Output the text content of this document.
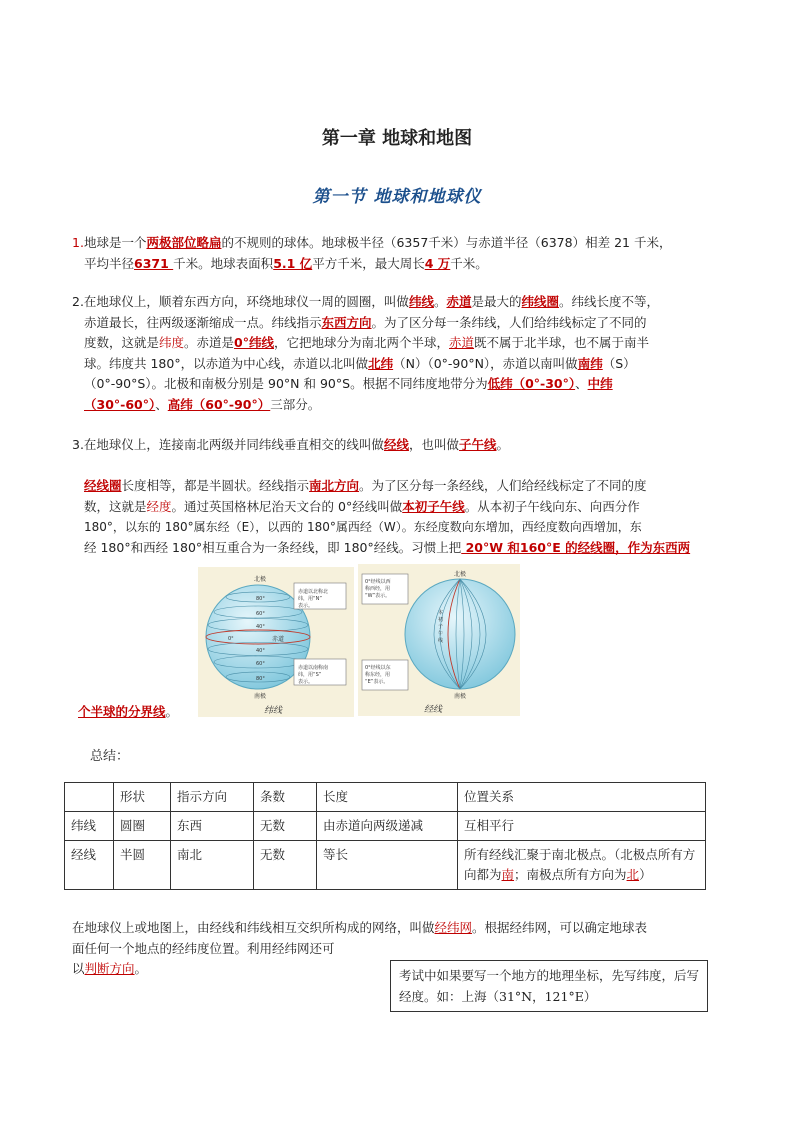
第一章 地球和地图
第一节 地球和地球仪

1.地球是一个两极部位略扁的不规则的球体。地球极半径（6357千米）与赤道半径（6378）相差 21 千米，

平均半径6371 千米。地球表面积5.1 亿平方千米，最大周长4 万千米。

2.在地球仪上，顺着东西方向，环绕地球仪一周的圆圈，叫做纬线。赤道是最大的纬线圈。纬线长度不等，

赤道最长，往两级逐渐缩成一点。纬线指示东西方向。为了区分每一条纬线，人们给纬线标定了不同的

度数，这就是纬度。赤道是0°纬线，它把地球分为南北两个半球，赤道既不属于北半球，也不属于南半

球。纬度共 180°，以赤道为中心线，赤道以北叫做北纬（N）（0°-90°N），赤道以南叫做南纬（S）

（0°-90°S）。北极和南极分别是 90°N 和 90°S。根据不同纬度地带分为低纬（0°-30°）、中纬

（30°-60°）、高纬（60°-90°）三部分。

3.在地球仪上，连接南北两级并同纬线垂直相交的线叫做经线，也叫做子午线。

经线圈长度相等，都是半圆状。经线指示南北方向。为了区分每一条经线，人们给经线标定了不同的度

数，这就是经度。通过英国格林尼治天文台的 0°经线叫做本初子午线。从本初子午线向东、向西分作

180°，以东的 180°属东经（E），以西的 180°属西经（W）。东经度数向东增加，西经度数向西增加，东

经 180°和西经 180°相互重合为一条经线，即 180°经线。习惯上把 20°W 和160°E 的经线圈，作为东西两

北极
南极
0°
80°
60°
40°
40°
60°
80°
赤道
赤道以北称北纬，用“N”表示。
赤道以南称南纬，用“S”表示。
纬线
北极
南极
本初子午线
0°经线以西称西经，用“W”表示。
0°经线以东称东经，用“E”表示。
经线

个半球的分界线。

总结：
	形状	指示方向	条数	长度	位置关系
纬线	圆圈	东西	无数	由赤道向两级递减	互相平行
经线	半圆	南北	无数	等长	所有经线汇聚于南北极点。（北极点所有方向都为南；南极点所有方向为北）

在地球仪上或地图上，由经线和纬线相互交织所构成的网络，叫做经纬网。根据经纬网，可以确定地球表

面任何一个地点的经纬度位置。利用经纬网还可

以判断方向。	考试中如果要写一个地方的地理坐标，先写纬度，后写经度。如：上海（31°N，121°E）
